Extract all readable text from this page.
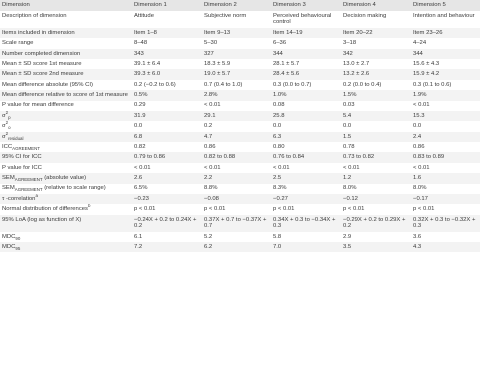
Dimension	Dimension 1	Dimension 2	Dimension 3	Dimension 4	Dimension 5
Description of dimension	Attitude	Subjective norm	Perceived behavioural control	Decision making	Intention and behaviour
Items included in dimension	Item 1–8	Item 9–13	Item 14–19	Item 20–22	Item 23–26
Scale range	8–48	5–30	6–36	3–18	4–24
Number completed dimension	343	327	344	342	344
Mean ± SD score 1st measure	39.1 ± 6.4	18.3 ± 5.9	28.1 ± 5.7	13.0 ± 2.7	15.6 ± 4.3
Mean ± SD score 2nd measure	39.3 ± 6.0	19.0 ± 5.7	28.4 ± 5.6	13.2 ± 2.6	15.9 ± 4.2
Mean difference absolute (95% CI)	0.2 (−0.2 to 0.6)	0.7 (0.4 to 1.0)	0.3 (0.0 to 0.7)	0.2 (0.0 to 0.4)	0.3 (0.1 to 0.6)
Mean difference relative to score of 1st measure	0.5%	2.8%	1.0%	1.5%	1.9%
P value for mean difference	0.29	< 0.01	0.08	0.03	< 0.01
$\sigma^2_p$	31.9	29.1	25.8	5.4	15.3
$\sigma^2_o$	0.0	0.2	0.0	0.0	0.0
$\sigma^2_{residual}$	6.8	4.7	6.3	1.5	2.4
$ICC_{AGREEMENT}$	0.82	0.86	0.80	0.78	0.86
95% CI for ICC	0.79 to 0.86	0.82 to 0.88	0.76 to 0.84	0.73 to 0.82	0.83 to 0.89
P value for ICC	< 0.01	< 0.01	< 0.01	< 0.01	< 0.01
$SEM_{AGREEMENT}$ (absolute value)	2.6	2.2	2.5	1.2	1.6
$SEM_{AGREEMENT}$ (relative to scale range)	6.5%	8.8%	8.3%	8.0%	8.0%
τ -correlation$^a$	−0.23	−0.08	−0.27	−0.12	−0.17
Normal distribution of differences$^b$	p < 0.01	p < 0.01	p < 0.01	p < 0.01	p < 0.01
95% LoA (log as function of X)	−0.24X + 0.2 to 0.24X + 0.2	0.37X + 0.7 to −0.37X + 0.7	0.34X + 0.3 to −0.34X + 0.3	−0.29X + 0.2 to 0.29X + 0.2	0.32X + 0.3 to −0.32X + 0.3
$MDC_{90}$	6.1	5.2	5.8	2.9	3.6
$MDC_{95}$	7.2	6.2	7.0	3.5	4.3
